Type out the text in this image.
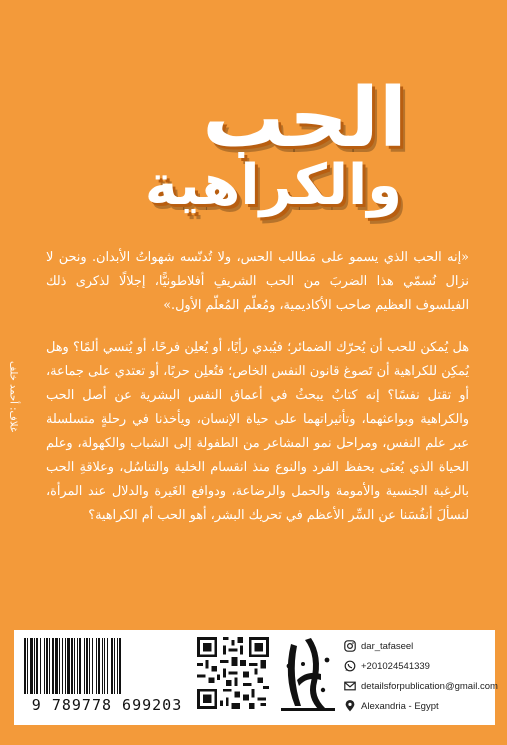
الحب
والكراهية
«إنه الحب الذي يسمو على مَطالب الحس، ولا تُدنّسه شهواتُ الأبدان. ونحن لا نزال نُسمّي هذا الضربَ من الحب الشريفِ أفلاطونيًّا، إجلالًا لذكرى ذلك الفيلسوف العظيم صاحب الأكاديمية، ومُعلّم المُعلّم الأول.»
هل يُمكن للحب أن يُحرّك الضمائر؛ فيُبدي رأيًا، أو يُعلِن فرحًا، أو يُنسي ألمًا؟ وهل يُمكِن للكراهية أن تَصوغ قانون النفس الخاص؛ فتُعلِن حربًا، أو تعتدي على جماعة، أو تقتل نفسًا؟ إنه كتابٌ يبحثُ في أعماق النفس البشرية عن أصل الحب والكراهية وبواعثهما، وتأثيراتهما على حياة الإنسان، ويأخذنا في رحلةٍ متسلسلة عبر علم النفس، ومراحل نمو المشاعر من الطفولة إلى الشباب والكهولة، وعلم الحياة الذي يُعنَى بحفظ الفرد والنوع منذ انقسام الخلية والتناسُل، وعلاقةِ الحب بالرغبة الجنسية والأمومة والحمل والرضاعة، ودوافع الغَيرة والدلال عند المرأة، لنسألَ أنفُسَنا عن السِّر الأعظم في تحريك البشر، أهو الحب أم الكراهية؟
غلاف: أحمد خلف
9 789778 699203
dar_tafaseel
+201024541339
detailsforpublication@gmail.com
Alexandria - Egypt
